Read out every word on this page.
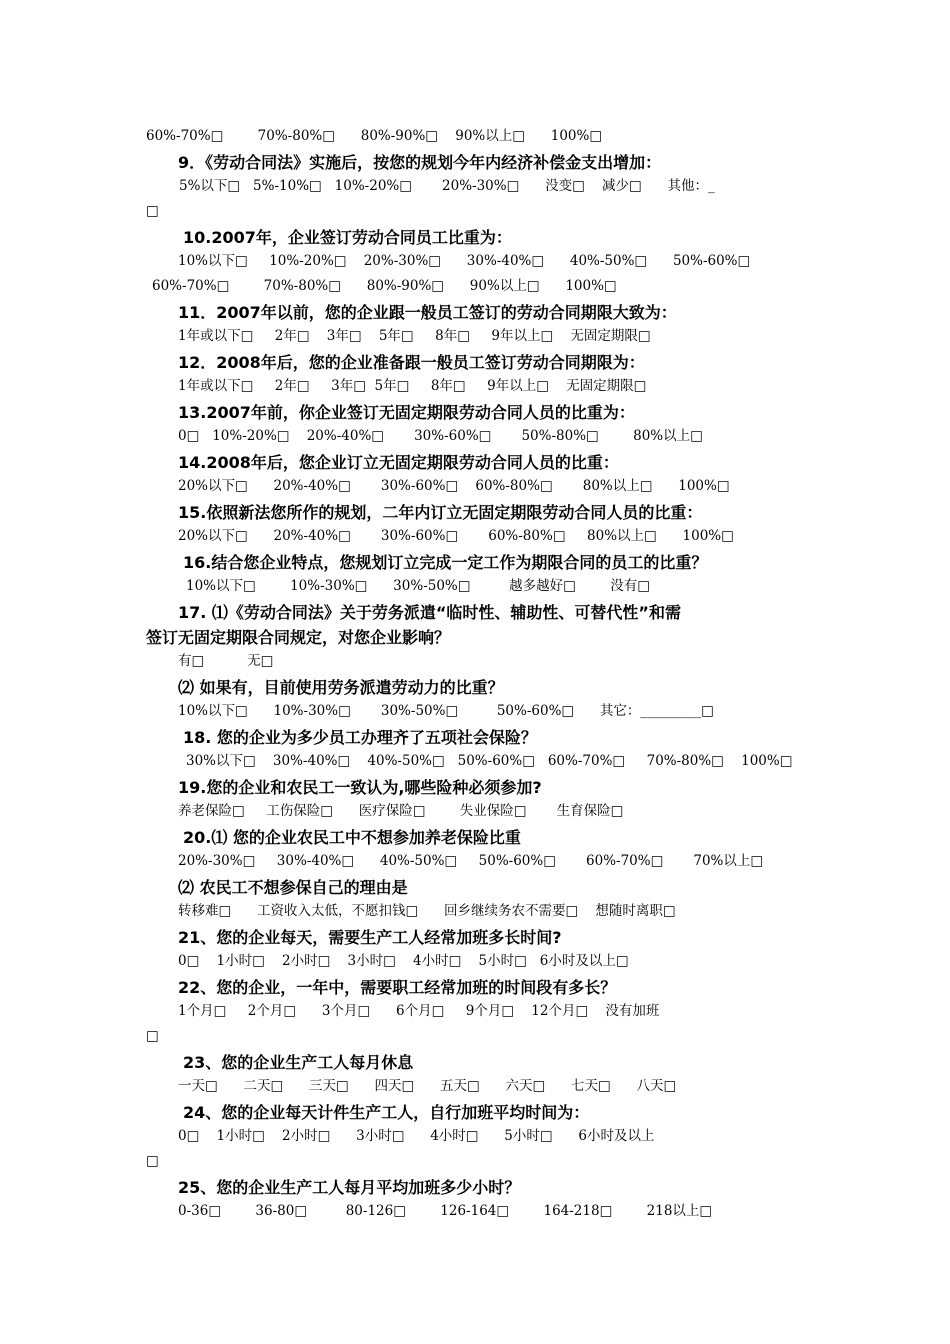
60%-70%□        70%-80%□      80%-90%□    90%以上□      100%□
9．《劳动合同法》实施后，按您的规划今年内经济补偿金支出增加：
5%以下□   5%-10%□   10%-20%□       20%-30%□      没变□    减少□      其他：_
□
10.2007年，企业签订劳动合同员工比重为：
10%以下□     10%-20%□    20%-30%□      30%-40%□      40%-50%□      50%-60%□
60%-70%□        70%-80%□      80%-90%□      90%以上□      100%□
11．2007年以前，您的企业跟一般员工签订的劳动合同期限大致为：
1年或以下□     2年□    3年□    5年□     8年□     9年以上□    无固定期限□
12．2008年后，您的企业准备跟一般员工签订劳动合同期限为：
1年或以下□     2年□     3年□  5年□     8年□     9年以上□    无固定期限□
13.2007年前，你企业签订无固定期限劳动合同人员的比重为：
0□   10%-20%□    20%-40%□       30%-60%□       50%-80%□        80%以上□
14.2008年后，您企业订立无固定期限劳动合同人员的比重：
20%以下□      20%-40%□       30%-60%□    60%-80%□       80%以上□      100%□
15.依照新法您所作的规划，二年内订立无固定期限劳动合同人员的比重：
20%以下□      20%-40%□       30%-60%□       60%-80%□     80%以上□      100%□
16.结合您企业特点，您规划订立完成一定工作为期限合同的员工的比重？
10%以下□        10%-30%□      30%-50%□         越多越好□        没有□
17. ⑴《劳动合同法》关于劳务派遣“临时性、辅助性、可替代性”和需
签订无固定期限合同规定，对您企业影响？
有□          无□
⑵ 如果有，目前使用劳务派遣劳动力的比重？
10%以下□      10%-30%□       30%-50%□         50%-60%□      其它：_________□
18. 您的企业为多少员工办理齐了五项社会保险？
30%以下□    30%-40%□    40%-50%□   50%-60%□   60%-70%□     70%-80%□    100%□
19.您的企业和农民工一致认为,哪些险种必须参加?
养老保险□     工伤保险□      医疗保险□        失业保险□       生育保险□
20.⑴ 您的企业农民工中不想参加养老保险比重
20%-30%□     30%-40%□      40%-50%□     50%-60%□       60%-70%□       70%以上□
⑵ 农民工不想参保自己的理由是
转移难□      工资收入太低，不愿扣钱□      回乡继续务农不需要□    想随时离职□
21、您的企业每天，需要生产工人经常加班多长时间?
0□    1小时□    2小时□    3小时□    4小时□    5小时□   6小时及以上□
22、您的企业，一年中，需要职工经常加班的时间段有多长？
1个月□     2个月□      3个月□      6个月□     9个月□    12个月□    没有加班
□
23、您的企业生产工人每月休息
一天□      二天□      三天□      四天□      五天□      六天□      七天□      八天□
24、您的企业每天计件生产工人，自行加班平均时间为：
0□    1小时□    2小时□      3小时□      4小时□      5小时□      6小时及以上
□
25、您的企业生产工人每月平均加班多少小时？
0-36□        36-80□         80-126□        126-164□        164-218□        218以上□
